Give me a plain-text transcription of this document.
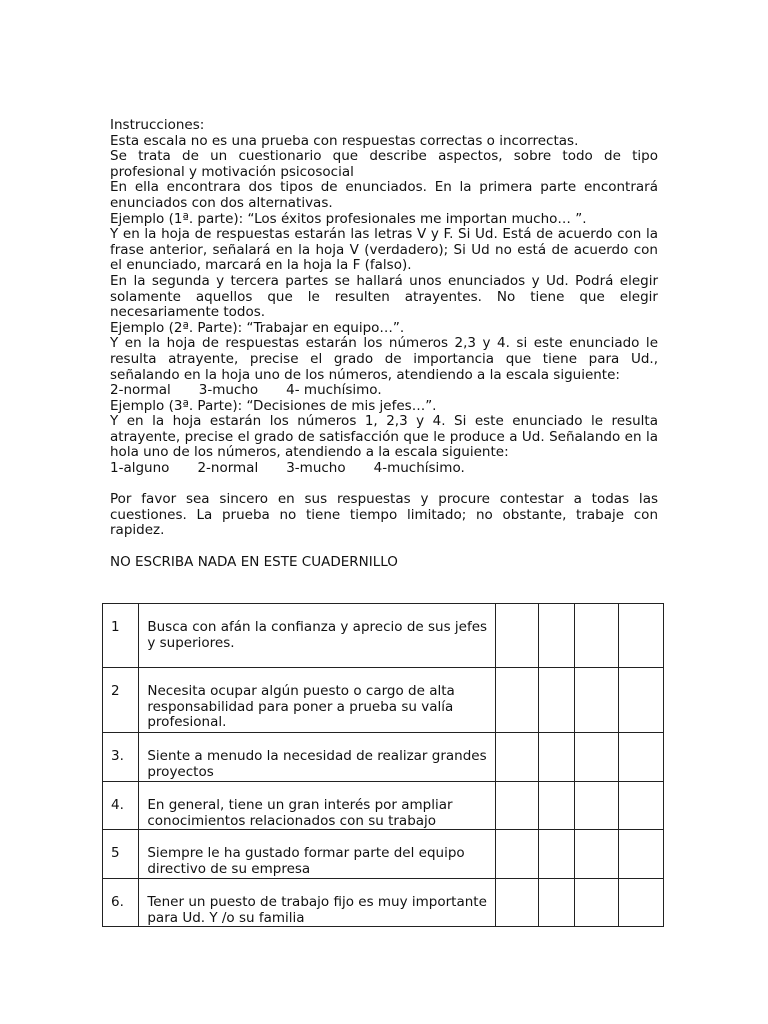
Instrucciones:

Esta escala no es una prueba con respuestas correctas o incorrectas.

Se trata de un cuestionario que describe aspectos, sobre todo de tipo profesional y motivación psicosocial

En ella encontrara dos tipos de enunciados. En la primera parte encontrará enunciados con dos alternativas.

Ejemplo (1ª. parte): “Los éxitos profesionales me importan mucho… ”.

Y en la hoja de respuestas estarán las letras V y F. Si Ud. Está de acuerdo con la frase anterior, señalará en la hoja V (verdadero); Si Ud no está de acuerdo con el enunciado, marcará en la hoja la F (falso).

En la segunda y tercera partes se hallará unos enunciados y Ud. Podrá elegir solamente aquellos que le resulten atrayentes. No tiene que elegir necesariamente todos.

Ejemplo (2ª. Parte): “Trabajar en equipo…”.

Y en la hoja de respuestas estarán los números 2,3 y 4. si este enunciado le resulta atrayente, precise el grado de importancia que tiene para Ud., señalando en la hoja uno de los números, atendiendo a la escala siguiente:

2-normal 3-mucho 4- muchísimo.

Ejemplo (3ª. Parte): “Decisiones de mis jefes…”.

Y en la hoja estarán los números 1, 2,3 y 4. Si este enunciado le resulta atrayente, precise el grado de satisfacción que le produce a Ud. Señalando en la hola uno de los números, atendiendo a la escala siguiente:

1-alguno 2-normal 3-mucho 4-muchísimo.

Por favor sea sincero en sus respuestas y procure contestar a todas las cuestiones. La prueba no tiene tiempo limitado; no obstante, trabaje con rapidez.

NO ESCRIBA NADA EN ESTE CUADERNILLO

1	Busca con afán la confianza y aprecio de sus jefes y superiores.				
2	Necesita ocupar algún puesto o cargo de alta responsabilidad para poner a prueba su valía profesional.				
3.	Siente a menudo la necesidad de realizar grandes proyectos				
4.	En general, tiene un gran interés por ampliar conocimientos relacionados con su trabajo				
5	Siempre le ha gustado formar parte del equipo directivo de su empresa				
6.	Tener un puesto de trabajo fijo es muy importante para Ud. Y /o su familia				
